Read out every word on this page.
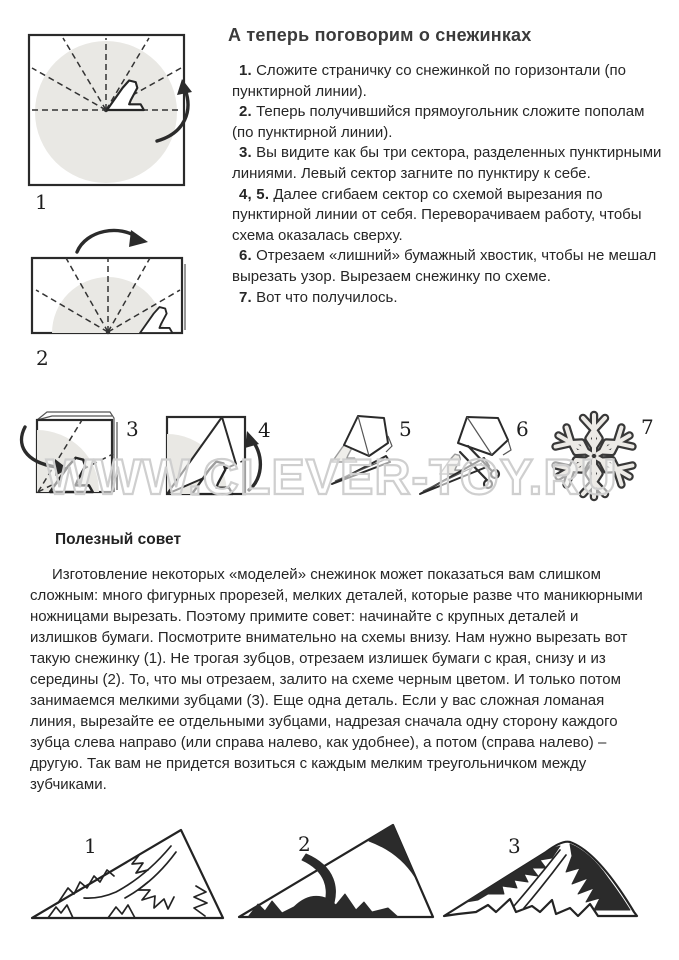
А теперь поговорим о снежинках
1
2

1. Сложите страничку со снежинкой по горизонтали (по пунктирной линии).

2. Теперь получившийся прямоугольник сложите пополам (по пунктирной линии).

3. Вы видите как бы три сектора, разделенных пунктирными линиями. Левый сектор загните по пунктиру к себе.

4, 5. Далее сгибаем сектор со схемой вырезания по пунктирной линии от себя. Переворачиваем работу, чтобы схема оказалась сверху.

6. Отрезаем «лишний» бумажный хвостик, чтобы не мешал вырезать узор. Вырезаем снежинку по схеме.

7. Вот что получилось.

3	4	5	6	7
WWW.CLEVER-TOY.RU
Полезный совет
Изготовление некоторых «моделей» снежинок может показаться вам слишком сложным: много фигурных прорезей, мелких деталей, которые разве что маникюрными ножницами вырезать. Поэтому примите совет: начинайте с крупных деталей и излишков бумаги. Посмотрите внимательно на схемы внизу. Нам нужно вырезать вот такую снежинку (1). Не трогая зубцов, отрезаем излишек бумаги с края, снизу и из середины (2). То, что мы отрезаем, залито на схеме черным цветом. И только потом занимаемся мелкими зубцами (3). Еще одна деталь. Если у вас сложная ломаная линия, вырезайте ее отдельными зубцами, надрезая сначала одну сторону каждого зубца слева направо (или справа налево, как удобнее), а потом (справа налево) – другую. Так вам не придется возиться с каждым мелким треугольничком между зубчиками.
1	2	3
